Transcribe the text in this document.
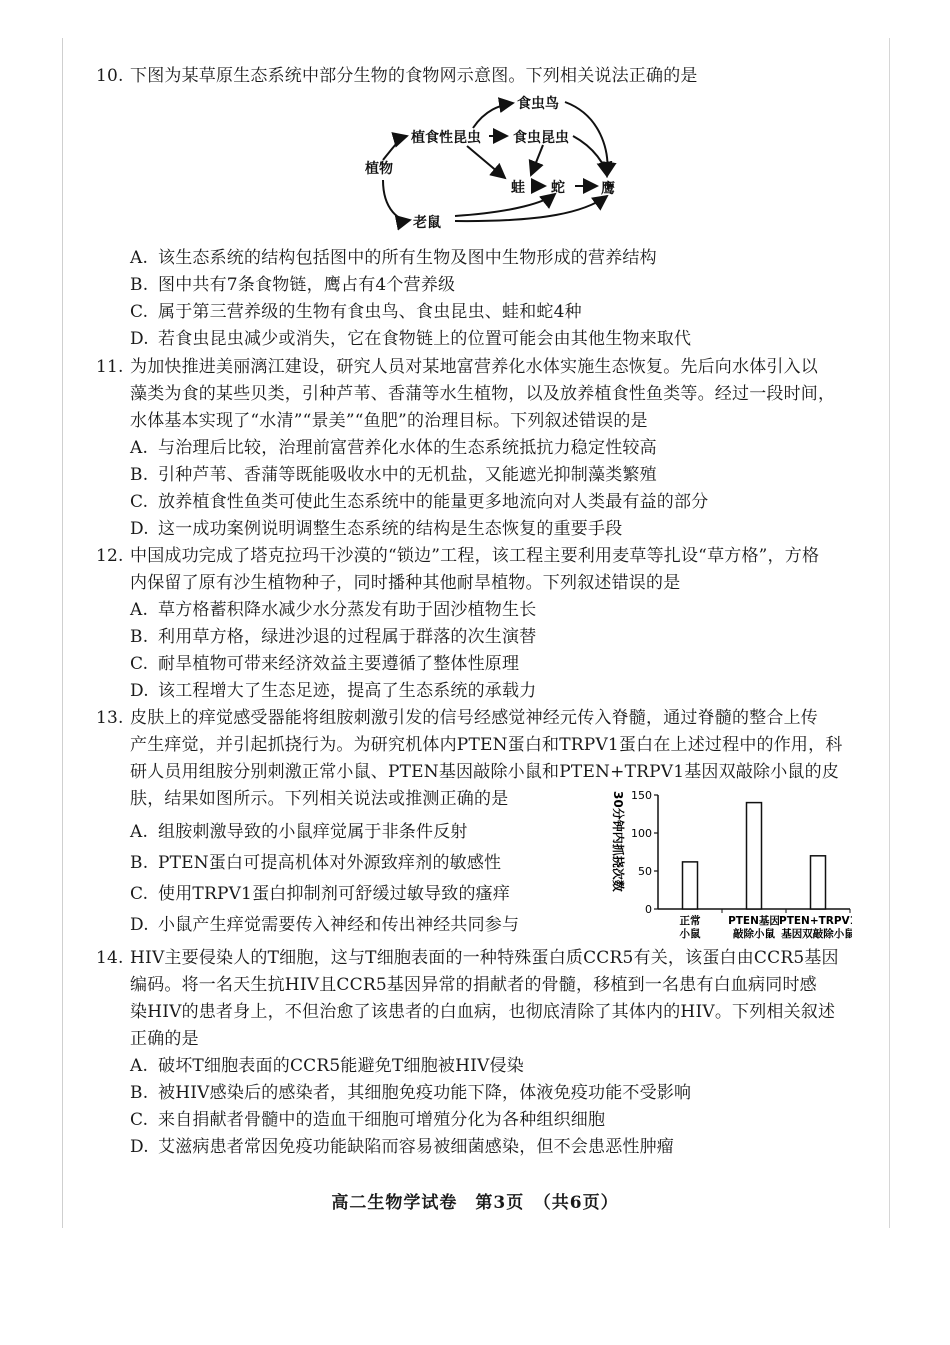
10. 下图为某草原生态系统中部分生物的食物网示意图。下列相关说法正确的是
植物
植食性昆虫
食虫鸟
食虫昆虫
蛙 蛇	鹰
老鼠
A. 该生态系统的结构包括图中的所有生物及图中生物形成的营养结构
B. 图中共有7条食物链，鹰占有4个营养级
C. 属于第三营养级的生物有食虫鸟、食虫昆虫、蛙和蛇4种
D. 若食虫昆虫减少或消失，它在食物链上的位置可能会由其他生物来取代
11. 为加快推进美丽漓江建设，研究人员对某地富营养化水体实施生态恢复。先后向水体引入以
藻类为食的某些贝类，引种芦苇、香蒲等水生植物，以及放养植食性鱼类等。经过一段时间，
水体基本实现了“水清”“景美”“鱼肥”的治理目标。下列叙述错误的是
A. 与治理后比较，治理前富营养化水体的生态系统抵抗力稳定性较高
B. 引种芦苇、香蒲等既能吸收水中的无机盐，又能遮光抑制藻类繁殖
C. 放养植食性鱼类可使此生态系统中的能量更多地流向对人类最有益的部分
D. 这一成功案例说明调整生态系统的结构是生态恢复的重要手段
12. 中国成功完成了塔克拉玛干沙漠的“锁边”工程，该工程主要利用麦草等扎设“草方格”，方格
内保留了原有沙生植物种子，同时播种其他耐旱植物。下列叙述错误的是
A. 草方格蓄积降水减少水分蒸发有助于固沙植物生长
B. 利用草方格，绿进沙退的过程属于群落的次生演替
C. 耐旱植物可带来经济效益主要遵循了整体性原理
D. 该工程增大了生态足迹，提高了生态系统的承载力
13. 皮肤上的痒觉感受器能将组胺刺激引发的信号经感觉神经元传入脊髓，通过脊髓的整合上传
产生痒觉，并引起抓挠行为。为研究机体内PTEN蛋白和TRPV1蛋白在上述过程中的作用，科
研人员用组胺分别刺激正常小鼠、PTEN基因敲除小鼠和PTEN+TRPV1基因双敲除小鼠的皮
肤，结果如图所示。下列相关说法或推测正确的是
A. 组胺刺激导致的小鼠痒觉属于非条件反射
B. PTEN蛋白可提高机体对外源致痒剂的敏感性
C. 使用TRPV1蛋白抑制剂可舒缓过敏导致的瘙痒
D. 小鼠产生痒觉需要传入神经和传出神经共同参与
30分钟内抓挠次数
0
50
100
150
正常
小鼠
PTEN基因
敲除小鼠
PTEN+TRPV1
基因双敲除小鼠
14. HIV主要侵染人的T细胞，这与T细胞表面的一种特殊蛋白质CCR5有关，该蛋白由CCR5基因
编码。将一名天生抗HIV且CCR5基因异常的捐献者的骨髓，移植到一名患有白血病同时感
染HIV的患者身上，不但治愈了该患者的白血病，也彻底清除了其体内的HIV。下列相关叙述
正确的是
A. 破坏T细胞表面的CCR5能避免T细胞被HIV侵染
B. 被HIV感染后的感染者，其细胞免疫功能下降，体液免疫功能不受影响
C. 来自捐献者骨髓中的造血干细胞可增殖分化为各种组织细胞
D. 艾滋病患者常因免疫功能缺陷而容易被细菌感染，但不会患恶性肿瘤
高二生物学试卷　第3页　（共6页）
